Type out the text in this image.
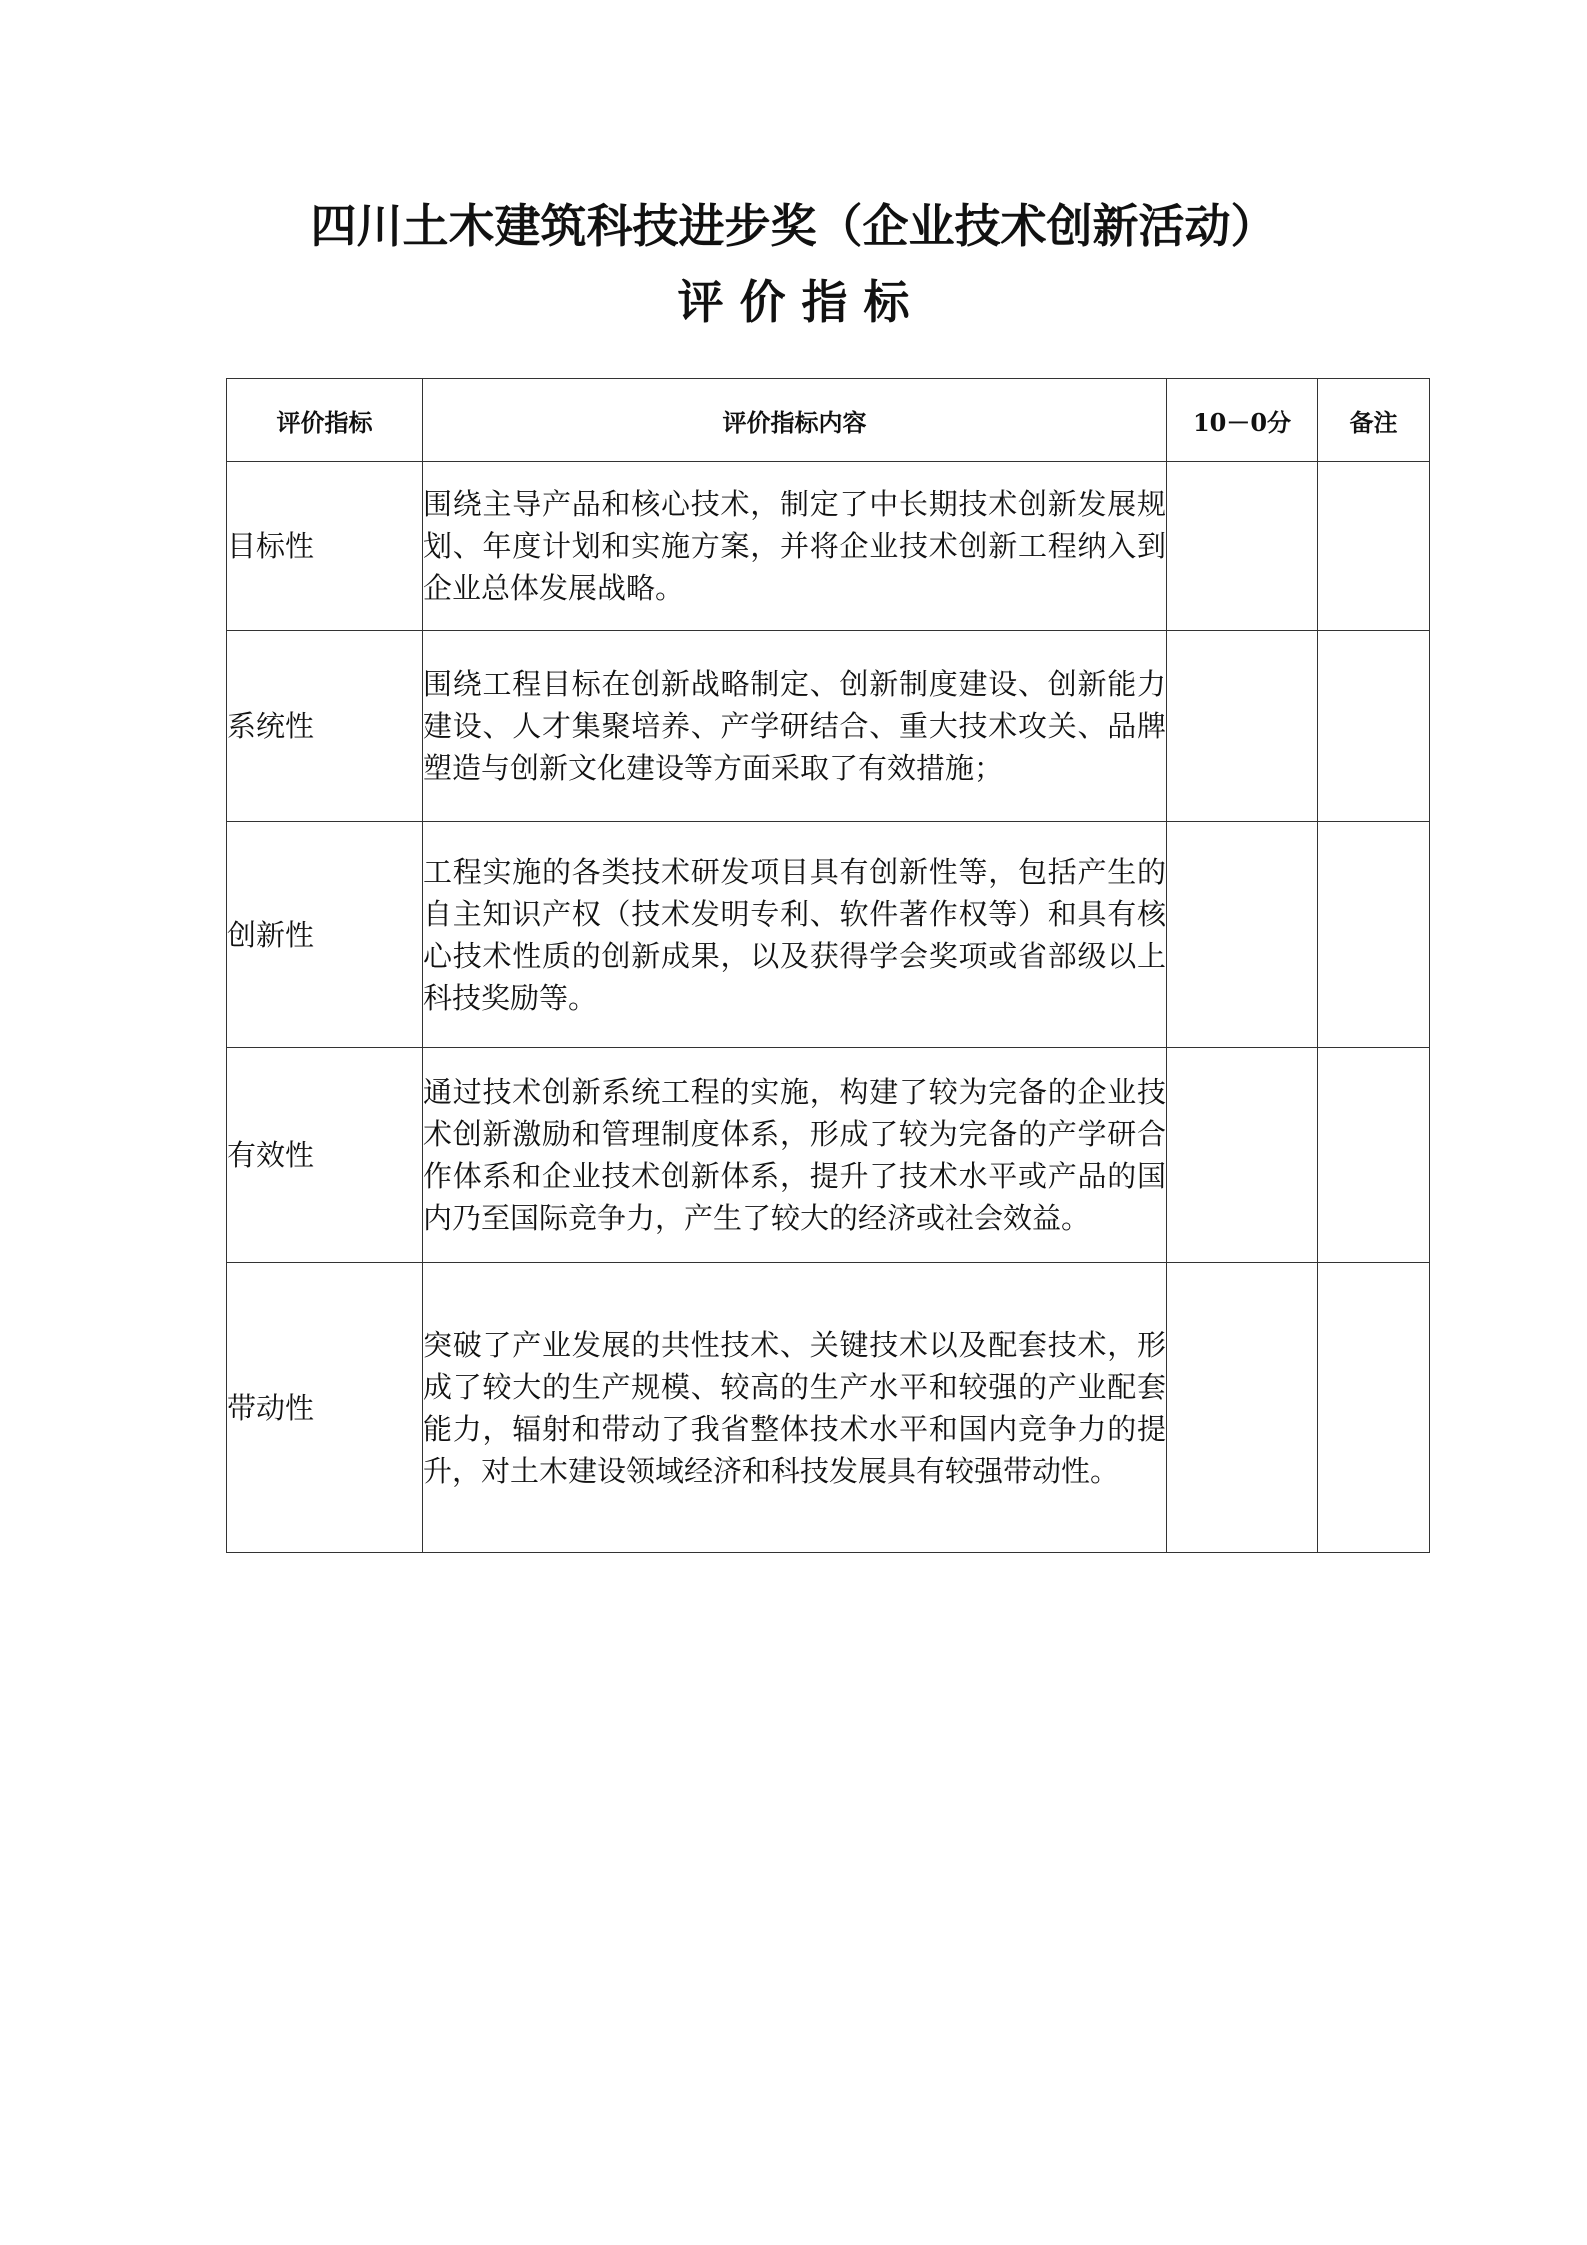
四川土木建筑科技进步奖（企业技术创新活动）
评 价 指 标
评价指标	评价指标内容	10－0分	备注
目标性	围绕主导产品和核心技术，制定了中长期技术创新发展规划、年度计划和实施方案，并将企业技术创新工程纳入到企业总体发展战略。		
系统性	围绕工程目标在创新战略制定、创新制度建设、创新能力建设、人才集聚培养、产学研结合、重大技术攻关、品牌塑造与创新文化建设等方面采取了有效措施；		
创新性	工程实施的各类技术研发项目具有创新性等，包括产生的自主知识产权（技术发明专利、软件著作权等）和具有核心技术性质的创新成果，以及获得学会奖项或省部级以上科技奖励等。		
有效性	通过技术创新系统工程的实施，构建了较为完备的企业技术创新激励和管理制度体系，形成了较为完备的产学研合作体系和企业技术创新体系，提升了技术水平或产品的国内乃至国际竞争力，产生了较大的经济或社会效益。		
带动性	突破了产业发展的共性技术、关键技术以及配套技术，形成了较大的生产规模、较高的生产水平和较强的产业配套能力，辐射和带动了我省整体技术水平和国内竞争力的提升，对土木建设领域经济和科技发展具有较强带动性。		
